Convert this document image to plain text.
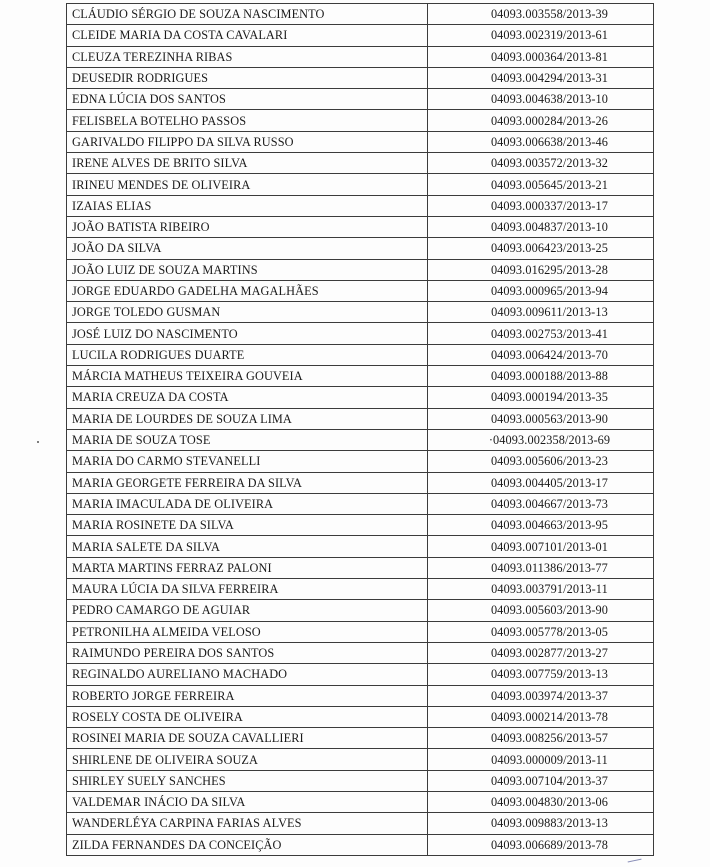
CLÁUDIO SÉRGIO DE SOUZA NASCIMENTO	04093.003558/2013-39
CLEIDE MARIA DA COSTA CAVALARI	04093.002319/2013-61
CLEUZA TEREZINHA RIBAS	04093.000364/2013-81
DEUSEDIR RODRIGUES	04093.004294/2013-31
EDNA LÚCIA DOS SANTOS	04093.004638/2013-10
FELISBELA BOTELHO PASSOS	04093.000284/2013-26
GARIVALDO FILIPPO DA SILVA RUSSO	04093.006638/2013-46
IRENE ALVES DE BRITO SILVA	04093.003572/2013-32
IRINEU MENDES DE OLIVEIRA	04093.005645/2013-21
IZAIAS ELIAS	04093.000337/2013-17
JOÃO BATISTA RIBEIRO	04093.004837/2013-10
JOÃO DA SILVA	04093.006423/2013-25
JOÃO LUIZ DE SOUZA MARTINS	04093.016295/2013-28
JORGE EDUARDO GADELHA MAGALHÃES	04093.000965/2013-94
JORGE TOLEDO GUSMAN	04093.009611/2013-13
JOSÉ LUIZ DO NASCIMENTO	04093.002753/2013-41
LUCILA RODRIGUES DUARTE	04093.006424/2013-70
MÁRCIA MATHEUS TEIXEIRA GOUVEIA	04093.000188/2013-88
MARIA CREUZA DA COSTA	04093.000194/2013-35
MARIA DE LOURDES DE SOUZA LIMA	04093.000563/2013-90
MARIA DE SOUZA TOSE	·04093.002358/2013-69
MARIA DO CARMO STEVANELLI	04093.005606/2013-23
MARIA GEORGETE FERREIRA DA SILVA	04093.004405/2013-17
MARIA IMACULADA DE OLIVEIRA	04093.004667/2013-73
MARIA ROSINETE DA SILVA	04093.004663/2013-95
MARIA SALETE DA SILVA	04093.007101/2013-01
MARTA MARTINS FERRAZ PALONI	04093.011386/2013-77
MAURA LÚCIA DA SILVA FERREIRA	04093.003791/2013-11
PEDRO CAMARGO DE AGUIAR	04093.005603/2013-90
PETRONILHA ALMEIDA VELOSO	04093.005778/2013-05
RAIMUNDO PEREIRA DOS SANTOS	04093.002877/2013-27
REGINALDO AURELIANO MACHADO	04093.007759/2013-13
ROBERTO JORGE FERREIRA	04093.003974/2013-37
ROSELY COSTA DE OLIVEIRA	04093.000214/2013-78
ROSINEI MARIA DE SOUZA CAVALLIERI	04093.008256/2013-57
SHIRLENE DE OLIVEIRA SOUZA	04093.000009/2013-11
SHIRLEY SUELY SANCHES	04093.007104/2013-37
VALDEMAR INÁCIO DA SILVA	04093.004830/2013-06
WANDERLÉYA CARPINA FARIAS ALVES	04093.009883/2013-13
ZILDA FERNANDES DA CONCEIÇÃO	04093.006689/2013-78
